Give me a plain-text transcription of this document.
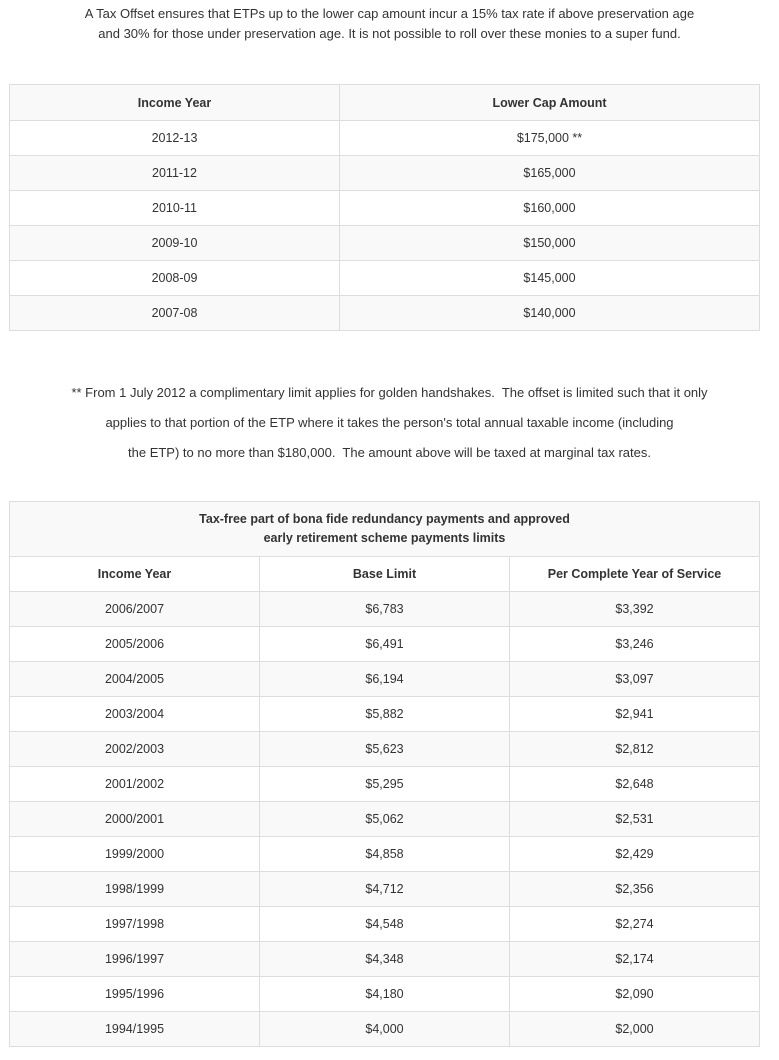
A Tax Offset ensures that ETPs up to the lower cap amount incur a 15% tax rate if above preservation age
and 30% for those under preservation age. It is not possible to roll over these monies to a super fund.

Income Year	Lower Cap Amount
2012-13	$175,000 **
2011-12	$165,000
2010-11	$160,000
2009-10	$150,000
2008-09	$145,000
2007-08	$140,000

** From 1 July 2012 a complimentary limit applies for golden handshakes.  The offset is limited such that it only
applies to that portion of the ETP where it takes the person's total annual taxable income (including
the ETP) to no more than $180,000.  The amount above will be taxed at marginal tax rates.

Tax-free part of bona fide redundancy payments and approved
early retirement scheme payments limits		

Income Year	Base Limit	Per Complete Year of Service
2006/2007	$6,783	$3,392
2005/2006	$6,491	$3,246
2004/2005	$6,194	$3,097
2003/2004	$5,882	$2,941
2002/2003	$5,623	$2,812
2001/2002	$5,295	$2,648
2000/2001	$5,062	$2,531
1999/2000	$4,858	$2,429
1998/1999	$4,712	$2,356
1997/1998	$4,548	$2,274
1996/1997	$4,348	$2,174
1995/1996	$4,180	$2,090
1994/1995	$4,000	$2,000
